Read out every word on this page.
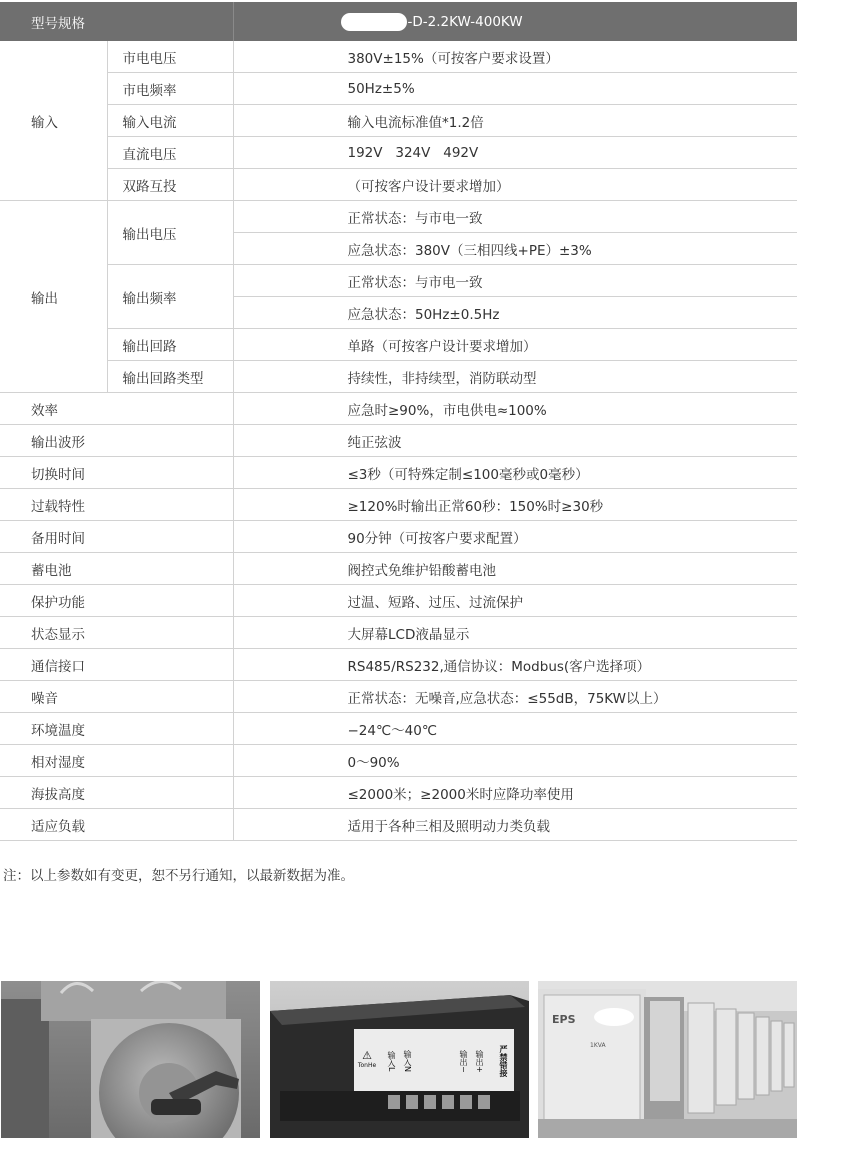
型号规格		-D-2.2KW-400KW
输入	市电电压	380V±15%（可按客户要求设置）
	市电频率	50Hz±5%
	输入电流	输入电流标准值*1.2倍
	直流电压	192V   324V   492V
	双路互投	（可按客户设计要求增加）
输出	输出电压	正常状态：与市电一致
		应急状态：380V（三相四线+PE）±3%
	输出频率	正常状态：与市电一致
		应急状态：50Hz±0.5Hz
	输出回路	单路（可按客户设计要求增加）
	输出回路类型	持续性，非持续型，消防联动型
效率		应急时≥90%，市电供电≈100%
输出波形		纯正弦波
切换时间		≤3秒（可特殊定制≤100毫秒或0毫秒）
过载特性		≥120%时输出正常60秒：150%时≥30秒
备用时间		90分钟（可按客户要求配置）
蓄电池		阀控式免维护铅酸蓄电池
保护功能		过温、短路、过压、过流保护
状态显示		大屏幕LCD液晶显示
通信接口		RS485/RS232,通信协议：Modbus(客户选择项）
噪音		正常状态：无噪音,应急状态：≤55dB，75KW以上）
环境温度		−24℃～40℃
相对湿度		0～90%
海拔高度		≤2000米；≥2000米时应降功率使用
适应负载		适用于各种三相及照明动力类负载
注：以上参数如有变更，恕不另行通知，以最新数据为准。
⚠
TonHe	输入L 输入N	输出− 输出+	严禁错接
EPS
1KVA
